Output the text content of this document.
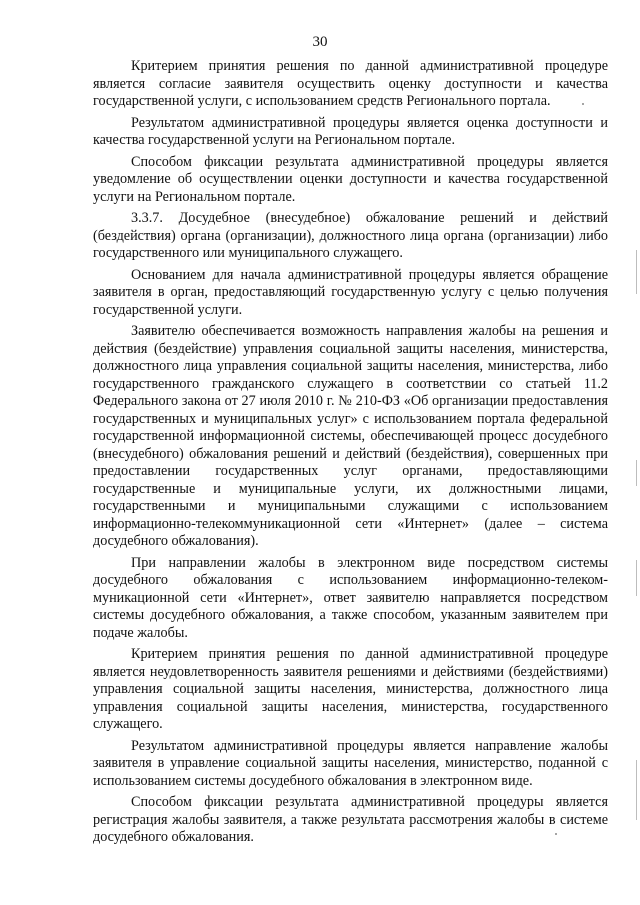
30

Критерием принятия решения по данной административной процедуре является согласие заявителя осуществить оценку доступности и качества государственной услуги, с использованием средств Регионального портала.

Результатом административной процедуры является оценка доступности и качества государственной услуги на Региональном портале.

Способом фиксации результата административной процедуры является уведомление об осуществлении оценки доступности и качества государственной услуги на Региональном портале.

3.3.7. Досудебное (внесудебное) обжалование решений и действий (бездействия) органа (организации), должностного лица органа (организации) либо государственного или муниципального служащего.

Основанием для начала административной процедуры является обращение заявителя в орган, предоставляющий государственную услугу с целью получения государственной услуги.

Заявителю обеспечивается возможность направления жалобы на решения и действия (бездействие) управления социальной защиты населения, министерства, должностного лица управления социальной защиты населения, министерства, либо государственного гражданского служащего в соответствии со статьей 11.2 Федерального закона от 27 июля 2010 г. № 210-ФЗ «Об организации предоставления государственных и муниципальных услуг» с использованием портала федеральной государственной информационной системы, обеспечивающей процесс досудебного (внесудебного) обжалования решений и действий (бездействия), совершенных при предоставлении государственных услуг органами, предоставляющими государственные и муниципальные услуги, их должностными лицами, государственными и муниципальными служащими с использованием информационно-телекоммуникационной сети «Интернет» (далее – система досудебного обжалования).

При направлении жалобы в электронном виде посредством системы досудебного обжалования с использованием информационно-телекоммуникационной сети «Интернет», ответ заявителю направляется посредством системы досудебного обжалования, а также способом, указанным заявителем при подаче жалобы.

Критерием принятия решения по данной административной процедуре является неудовлетворенность заявителя решениями и действиями (бездействиями) управления социальной защиты населения, министерства, должностного лица управления социальной защиты населения, министерства, государственного служащего.

Результатом административной процедуры является направление жалобы заявителя в управление социальной защиты населения, министерство, поданной с использованием системы досудебного обжалования в электронном виде.

Способом фиксации результата административной процедуры является регистрация жалобы заявителя, а также результата рассмотрения жалобы в системе досудебного обжалования.
